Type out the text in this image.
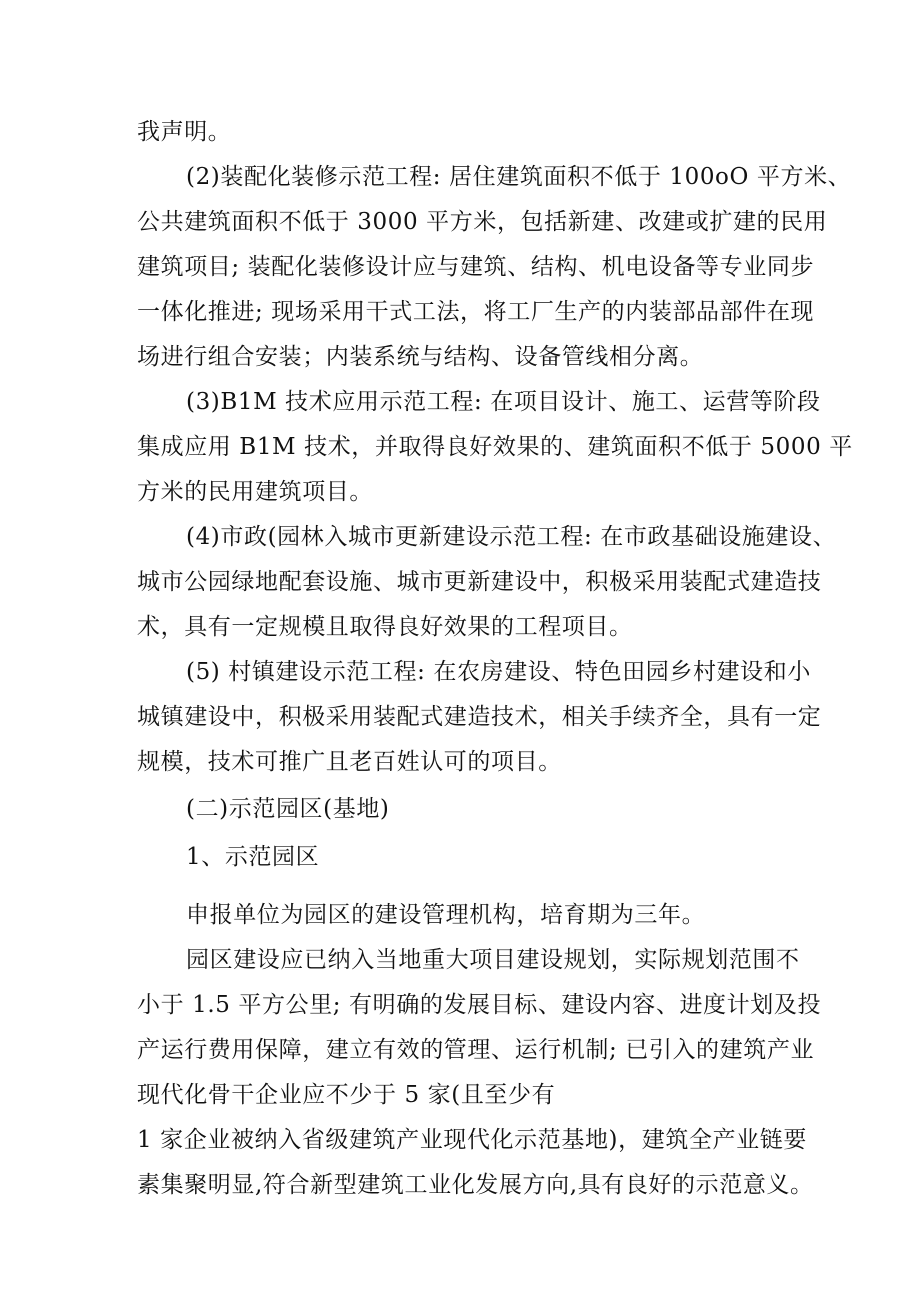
我声明。

(2)装配化装修示范工程: 居住建筑面积不低于 100oO 平方米、

公共建筑面积不低于 3000 平方米，包括新建、改建或扩建的民用

建筑项目; 装配化装修设计应与建筑、结构、机电设备等专业同步

一体化推进; 现场采用干式工法，将工厂生产的内装部品部件在现

场进行组合安装；内装系统与结构、设备管线相分离。

(3)B1M 技术应用示范工程: 在项目设计、施工、运营等阶段

集成应用 B1M 技术，并取得良好效果的、建筑面积不低于 5000 平

方米的民用建筑项目。

(4)市政(园林入城市更新建设示范工程: 在市政基础设施建设、

城市公园绿地配套设施、城市更新建设中，积极采用装配式建造技

术，具有一定规模且取得良好效果的工程项目。

(5) 村镇建设示范工程: 在农房建设、特色田园乡村建设和小

城镇建设中，积极采用装配式建造技术，相关手续齐全，具有一定

规模，技术可推广且老百姓认可的项目。

(二)示范园区(基地)

1、示范园区

申报单位为园区的建设管理机构，培育期为三年。

园区建设应已纳入当地重大项目建设规划，实际规划范围不

小于 1.5 平方公里; 有明确的发展目标、建设内容、进度计划及投

产运行费用保障，建立有效的管理、运行机制; 已引入的建筑产业

现代化骨干企业应不少于 5 家(且至少有

1 家企业被纳入省级建筑产业现代化示范基地)，建筑全产业链要

素集聚明显,符合新型建筑工业化发展方向,具有良好的示范意义。
